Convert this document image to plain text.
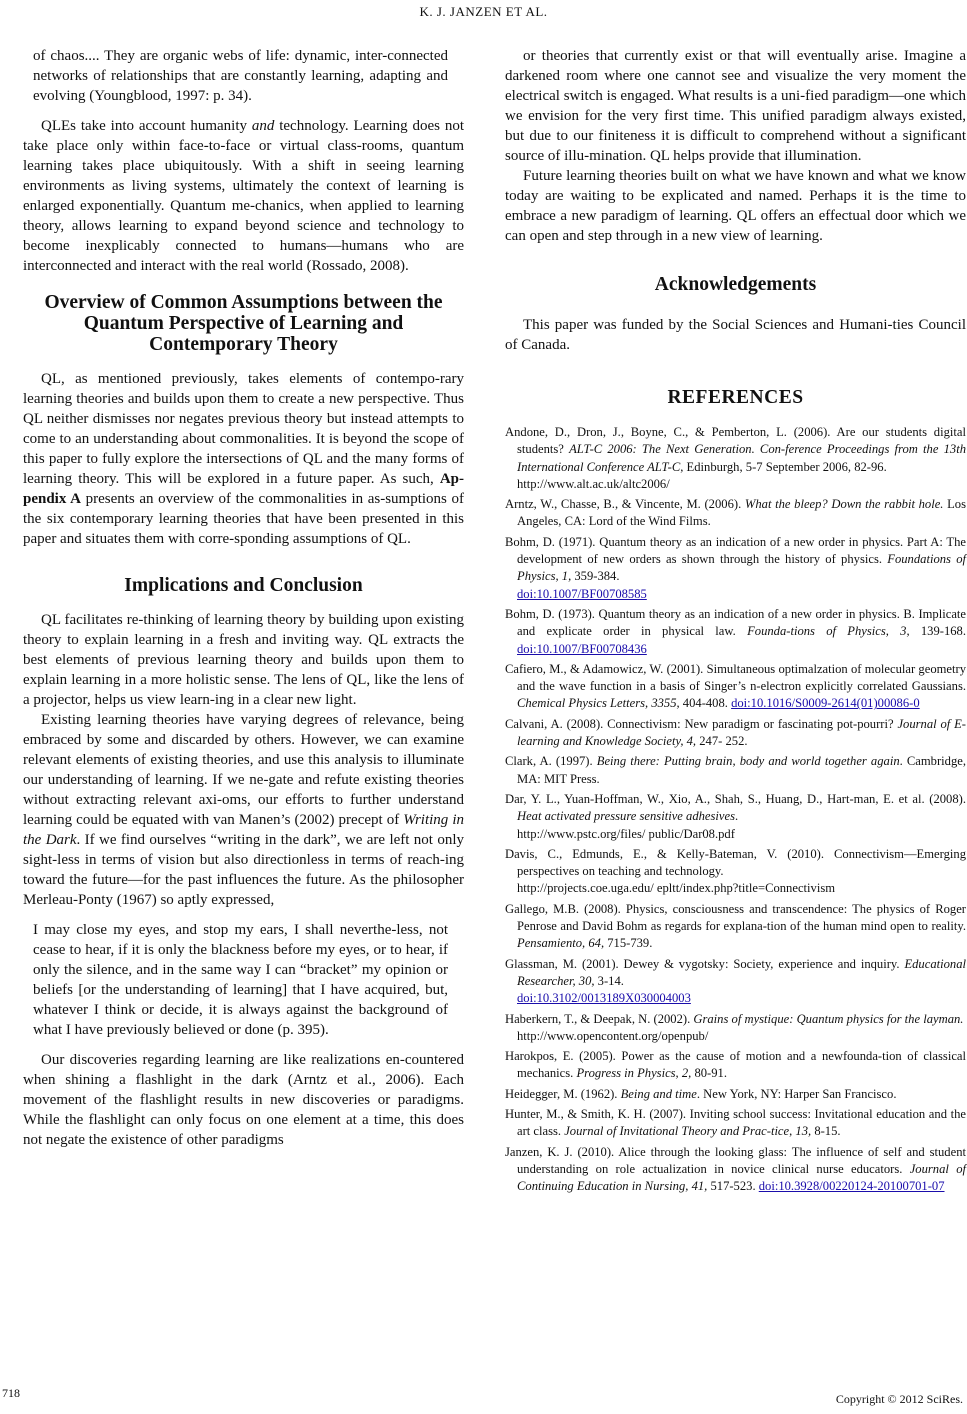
K. J. JANZEN ET AL.

of chaos.... They are organic webs of life: dynamic, inter-connected networks of relationships that are constantly learning, adapting and evolving (Youngblood, 1997: p. 34).

QLEs take into account humanity and technology. Learning does not take place only within face-to-face or virtual class-rooms, quantum learning takes place ubiquitously. With a shift in seeing learning environments as living systems, ultimately the context of learning is enlarged exponentially. Quantum me-chanics, when applied to learning theory, allows learning to expand beyond science and technology to become inexplicably connected to humans—humans who are interconnected and interact with the real world (Rossado, 2008).

Overview of Common Assumptions between the Quantum Perspective of Learning and Contemporary Theory

QL, as mentioned previously, takes elements of contempo-rary learning theories and builds upon them to create a new perspective. Thus QL neither dismisses nor negates previous theory but instead attempts to come to an understanding about commonalities. It is beyond the scope of this paper to fully explore the intersections of QL and the many forms of learning theory. This will be explored in a future paper. As such, Ap-pendix A presents an overview of the commonalities in as-sumptions of the six contemporary learning theories that have been presented in this paper and situates them with corre-sponding assumptions of QL.

Implications and Conclusion

QL facilitates re-thinking of learning theory by building upon existing theory to explain learning in a fresh and inviting way. QL extracts the best elements of previous learning theory and builds upon them to explain learning in a more holistic sense. The lens of QL, like the lens of a projector, helps us view learn-ing in a clear new light.

Existing learning theories have varying degrees of relevance, being embraced by some and discarded by others. However, we can examine relevant elements of existing theories, and use this analysis to illuminate our understanding of learning. If we ne-gate and refute existing theories without extracting relevant axi-oms, our efforts to further understand learning could be equated with van Manen’s (2002) precept of Writing in the Dark. If we find ourselves “writing in the dark”, we are left not only sight-less in terms of vision but also directionless in terms of reach-ing toward the future—for the past influences the future. As the philosopher Merleau-Ponty (1967) so aptly expressed,

I may close my eyes, and stop my ears, I shall neverthe-less, not cease to hear, if it is only the blackness before my eyes, or to hear, if only the silence, and in the same way I can “bracket” my opinion or beliefs [or the understanding of learning] that I have acquired, but, whatever I think or decide, it is always against the background of what I have previously believed or done (p. 395).

Our discoveries regarding learning are like realizations en-countered when shining a flashlight in the dark (Arntz et al., 2006). Each movement of the flashlight results in new discoveries or paradigms. While the flashlight can only focus on one element at a time, this does not negate the existence of other paradigms

or theories that currently exist or that will eventually arise. Imagine a darkened room where one cannot see and visualize the very moment the electrical switch is engaged. What results is a uni-fied paradigm—one which we envision for the very first time. This unified paradigm always existed, but due to our finiteness it is difficult to comprehend without a significant source of illu-mination. QL helps provide that illumination.

Future learning theories built on what we have known and what we know today are waiting to be explicated and named. Perhaps it is the time to embrace a new paradigm of learning. QL offers an effectual door which we can open and step through in a new view of learning.

Acknowledgements

This paper was funded by the Social Sciences and Humani-ties Council of Canada.

REFERENCES

Andone, D., Dron, J., Boyne, C., & Pemberton, L. (2006). Are our students digital students? ALT-C 2006: The Next Generation. Con-ference Proceedings from the 13th International Conference ALT-C, Edinburgh, 5-7 September 2006, 82-96.
http://www.alt.ac.uk/altc2006/

Arntz, W., Chasse, B., & Vincente, M. (2006). What the bleep? Down the rabbit hole. Los Angeles, CA: Lord of the Wind Films.

Bohm, D. (1971). Quantum theory as an indication of a new order in physics. Part A: The development of new orders as shown through the history of physics. Foundations of Physics, 1, 359-384.
doi:10.1007/BF00708585

Bohm, D. (1973). Quantum theory as an indication of a new order in physics. B. Implicate and explicate order in physical law. Founda-tions of Physics, 3, 139-168. doi:10.1007/BF00708436

Cafiero, M., & Adamowicz, W. (2001). Simultaneous optimalzation of molecular geometry and the wave function in a basis of Singer’s n-electron explicitly correlated Gaussians. Chemical Physics Letters, 3355, 404-408. doi:10.1016/S0009-2614(01)00086-0

Calvani, A. (2008). Connectivism: New paradigm or fascinating pot-pourri? Journal of E-learning and Knowledge Society, 4, 247- 252.

Clark, A. (1997). Being there: Putting brain, body and world together again. Cambridge, MA: MIT Press.

Dar, Y. L., Yuan-Hoffman, W., Xio, A., Shah, S., Huang, D., Hart-man, E. et al. (2008). Heat activated pressure sensitive adhesives.
http://www.pstc.org/files/ public/Dar08.pdf

Davis, C., Edmunds, E., & Kelly-Bateman, V. (2010). Connectivism—Emerging perspectives on teaching and technology.
http://projects.coe.uga.edu/ epltt/index.php?title=Connectivism

Gallego, M.B. (2008). Physics, consciousness and transcendence: The physics of Roger Penrose and David Bohm as regards for explana-tion of the human mind open to reality. Pensamiento, 64, 715-739.

Glassman, M. (2001). Dewey & vygotsky: Society, experience and inquiry. Educational Researcher, 30, 3-14.
doi:10.3102/0013189X030004003

Haberkern, T., & Deepak, N. (2002). Grains of mystique: Quantum physics for the layman.
http://www.opencontent.org/openpub/

Harokpos, E. (2005). Power as the cause of motion and a newfounda-tion of classical mechanics. Progress in Physics, 2, 80-91.

Heidegger, M. (1962). Being and time. New York, NY: Harper San Francisco.

Hunter, M., & Smith, K. H. (2007). Inviting school success: Invitational education and the art class. Journal of Invitational Theory and Prac-tice, 13, 8-15.

Janzen, K. J. (2010). Alice through the looking glass: The influence of self and student understanding on role actualization in novice clinical nurse educators. Journal of Continuing Education in Nursing, 41, 517-523. doi:10.3928/00220124-20100701-07

718	Copyright © 2012 SciRes.
